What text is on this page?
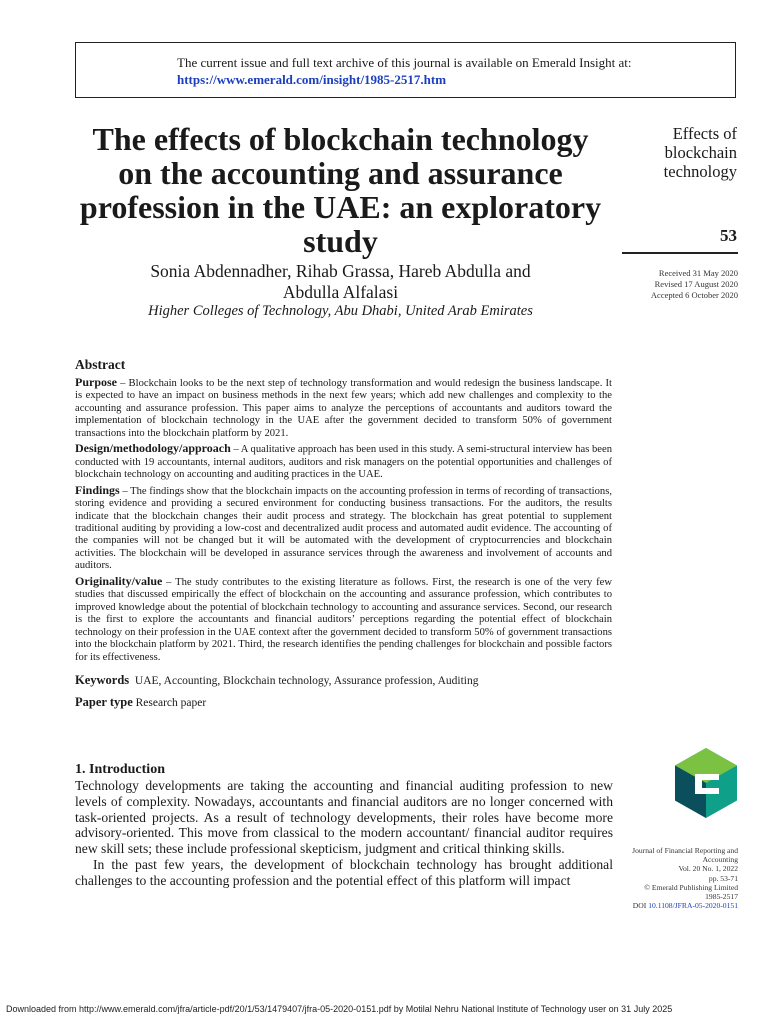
The current issue and full text archive of this journal is available on Emerald Insight at:
https://www.emerald.com/insight/1985-2517.htm
The effects of blockchain technology on the accounting and assurance profession in the UAE: an exploratory study
Sonia Abdennadher, Rihab Grassa, Hareb Abdulla and
Abdulla Alfalasi
Higher Colleges of Technology, Abu Dhabi, United Arab Emirates
Effects of
blockchain
technology
53
Received 31 May 2020
Revised 17 August 2020
Accepted 6 October 2020
Abstract

Purpose – Blockchain looks to be the next step of technology transformation and would redesign the business landscape. It is expected to have an impact on business methods in the next few years; which add new challenges and complexity to the accounting and assurance profession. This paper aims to analyze the perceptions of accountants and auditors toward the implementation of blockchain technology in the UAE after the government decided to transform 50% of government transactions into the blockchain platform by 2021.

Design/methodology/approach – A qualitative approach has been used in this study. A semi-structural interview has been conducted with 19 accountants, internal auditors, auditors and risk managers on the potential opportunities and challenges of blockchain technology on accounting and auditing practices in the UAE.

Findings – The findings show that the blockchain impacts on the accounting profession in terms of recording of transactions, storing evidence and providing a secured environment for conducting business transactions. For the auditors, the results indicate that the blockchain changes their audit process and strategy. The blockchain has great potential to supplement traditional auditing by providing a low-cost and decentralized audit process and automated audit evidence. The accounting of the companies will not be changed but it will be automated with the development of cryptocurrencies and blockchain activities. The blockchain will be developed in assurance services through the awareness and involvement of accounts and auditors.

Originality/value – The study contributes to the existing literature as follows. First, the research is one of the very few studies that discussed empirically the effect of blockchain on the accounting and assurance profession, which contributes to improved knowledge about the potential of blockchain technology to accounting and assurance services. Second, our research is the first to explore the accountants and financial auditors’ perceptions regarding the potential effect of blockchain technology on their profession in the UAE context after the government decided to transform 50% of government transactions into the blockchain platform by 2021. Third, the research identifies the pending challenges for blockchain and possible factors for its effectiveness.

Keywords UAE, Accounting, Blockchain technology, Assurance profession, Auditing
Paper type Research paper
1. Introduction

Technology developments are taking the accounting and financial auditing profession to new levels of complexity. Nowadays, accountants and financial auditors are no longer concerned with task-oriented projects. As a result of technology developments, their roles have become more advisory-oriented. This move from classical to the modern accountant/ financial auditor requires new skill sets; these include professional skepticism, judgment and critical thinking skills.

In the past few years, the development of blockchain technology has brought additional challenges to the accounting profession and the potential effect of this platform will impact

Journal of Financial Reporting and Accounting
Vol. 20 No. 1, 2022
pp. 53-71
© Emerald Publishing Limited
1985-2517
DOI 10.1108/JFRA-05-2020-0151
Downloaded from http://www.emerald.com/jfra/article-pdf/20/1/53/1479407/jfra-05-2020-0151.pdf by Motilal Nehru National Institute of Technology user on 31 July 2025
